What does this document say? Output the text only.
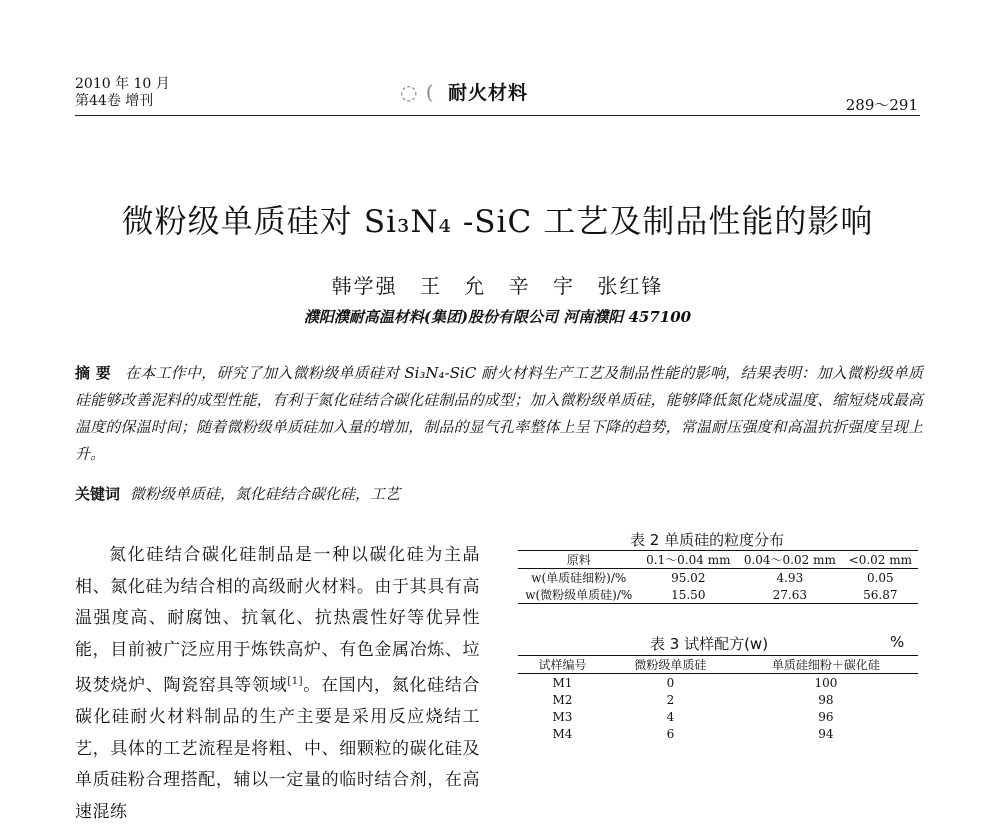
2010 年 10 月
第44卷 增刊	◌ ( 耐火材料
289～291
微粉级单质硅对 Si₃N₄ -SiC 工艺及制品性能的影响
韩学强 王 允 辛 宇 张红锋
濮阳濮耐高温材料(集团)股份有限公司 河南濮阳 457100
摘 要 在本工作中，研究了加入微粉级单质硅对 Si₃N₄-SiC 耐火材料生产工艺及制品性能的影响，结果表明：加入微粉级单质硅能够改善泥料的成型性能，有利于氮化硅结合碳化硅制品的成型；加入微粉级单质硅，能够降低氮化烧成温度、缩短烧成最高温度的保温时间；随着微粉级单质硅加入量的增加，制品的显气孔率整体上呈下降的趋势，常温耐压强度和高温抗折强度呈现上升。
关键词 微粉级单质硅，氮化硅结合碳化硅，工艺
氮化硅结合碳化硅制品是一种以碳化硅为主晶相、氮化硅为结合相的高级耐火材料。由于其具有高温强度高、耐腐蚀、抗氧化、抗热震性好等优异性能，目前被广泛应用于炼铁高炉、有色金属冶炼、垃圾焚烧炉、陶瓷窑具等领域[1]。在国内，氮化硅结合碳化硅耐火材料制品的生产主要是采用反应烧结工艺，具体的工艺流程是将粗、中、细颗粒的碳化硅及单质硅粉合理搭配，辅以一定量的临时结合剂，在高速混练
表 2 单质硅的粒度分布
原料	0.1～0.04 mm	0.04～0.02 mm	<0.02 mm
w(单质硅细粉)/%	95.02	4.93	0.05
w(微粉级单质硅)/%	15.50	27.63	56.87
表 3 试样配方(w)	%
试样编号	微粉级单质硅	单质硅细粉＋碳化硅
M1	0	100
M2	2	98
M3	4	96
M4	6	94
